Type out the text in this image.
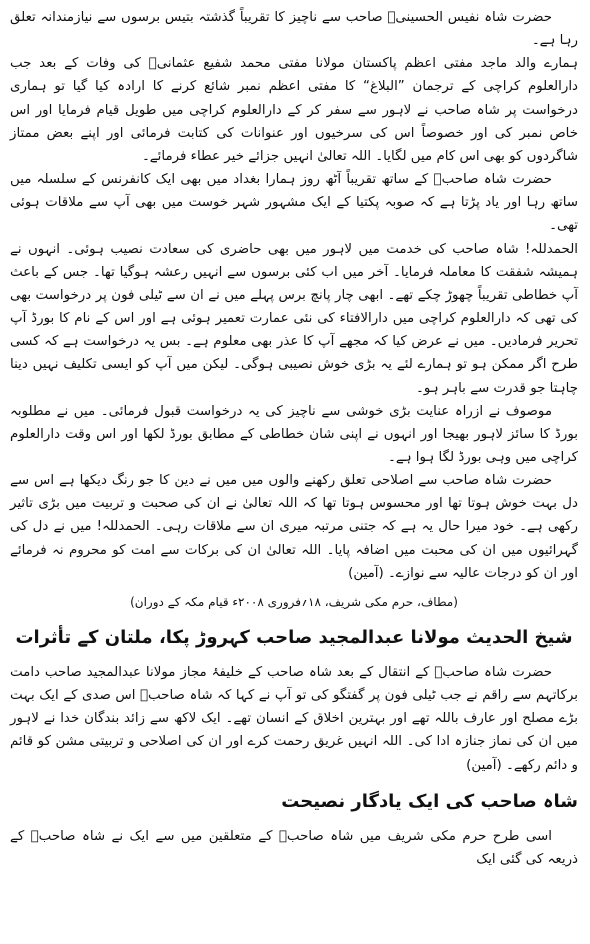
حضرت شاہ نفیس الحسینیؒ صاحب سے ناچیز کا تقریباً گذشتہ بتیس برسوں سے نیازمندانہ تعلق رہا ہے۔

ہمارے والد ماجد مفتی اعظم پاکستان مولانا مفتی محمد شفیع عثمانیؒ کی وفات کے بعد جب دارالعلوم کراچی کے ترجمان ”البلاغ“ کا مفتی اعظم نمبر شائع کرنے کا ارادہ کیا گیا تو ہماری درخواست پر شاہ صاحب نے لاہور سے سفر کر کے دارالعلوم کراچی میں طویل قیام فرمایا اور اس خاص نمبر کی اور خصوصاً اس کی سرخیوں اور عنوانات کی کتابت فرمائی اور اپنے بعض ممتاز شاگردوں کو بھی اس کام میں لگایا۔ اللہ تعالیٰ انہیں جزائے خیر عطاء فرمائے۔

حضرت شاہ صاحبؒ کے ساتھ تقریباً آٹھ روز ہمارا بغداد میں بھی ایک کانفرنس کے سلسلہ میں ساتھ رہا اور یاد پڑتا ہے کہ صوبہ پکتیا کے ایک مشہور شہر خوست میں بھی آپ سے ملاقات ہوئی تھی۔

الحمدللہ! شاہ صاحب کی خدمت میں لاہور میں بھی حاضری کی سعادت نصیب ہوئی۔ انہوں نے ہمیشہ شفقت کا معاملہ فرمایا۔ آخر میں اب کئی برسوں سے انہیں رعشہ ہوگیا تھا۔ جس کے باعث آپ خطاطی تقریباً چھوڑ چکے تھے۔ ابھی چار پانچ برس پہلے میں نے ان سے ٹیلی فون پر درخواست بھی کی تھی کہ دارالعلوم کراچی میں دارالافتاء کی نئی عمارت تعمیر ہوئی ہے اور اس کے نام کا بورڈ آپ تحریر فرمادیں۔ میں نے عرض کیا کہ مجھے آپ کا عذر بھی معلوم ہے۔ بس یہ درخواست ہے کہ کسی طرح اگر ممکن ہو تو ہمارے لئے یہ بڑی خوش نصیبی ہوگی۔ لیکن میں آپ کو ایسی تکلیف نہیں دینا چاہتا جو قدرت سے باہر ہو۔

موصوف نے ازراہ عنایت بڑی خوشی سے ناچیز کی یہ درخواست قبول فرمائی۔ میں نے مطلوبہ بورڈ کا سائز لاہور بھیجا اور انہوں نے اپنی شان خطاطی کے مطابق بورڈ لکھا اور اس وقت دارالعلوم کراچی میں وہی بورڈ لگا ہوا ہے۔

حضرت شاہ صاحب سے اصلاحی تعلق رکھنے والوں میں میں نے دین کا جو رنگ دیکھا ہے اس سے دل بہت خوش ہوتا تھا اور محسوس ہوتا تھا کہ اللہ تعالیٰ نے ان کی صحبت و تربیت میں بڑی تاثیر رکھی ہے۔ خود میرا حال یہ ہے کہ جتنی مرتبہ میری ان سے ملاقات رہی۔ الحمدللہ! میں نے دل کی گہرائیوں میں ان کی محبت میں اضافہ پایا۔ اللہ تعالیٰ ان کی برکات سے امت کو محروم نہ فرمائے اور ان کو درجات عالیہ سے نوازے۔ (آمین)

(مطاف، حرم مکی شریف، ۱۸؍فروری ۲۰۰۸ء قیام مکہ کے دوران)
شیخ الحدیث مولانا عبدالمجید صاحب کہروڑ پکا، ملتان کے تأثرات

حضرت شاہ صاحبؒ کے انتقال کے بعد شاہ صاحب کے خلیفۂ مجاز مولانا عبدالمجید صاحب دامت برکاتہم سے راقم نے جب ٹیلی فون پر گفتگو کی تو آپ نے کہا کہ شاہ صاحبؒ اس صدی کے ایک بہت بڑے مصلح اور عارف باللہ تھے اور بہترین اخلاق کے انسان تھے۔ ایک لاکھ سے زائد بندگان خدا نے لاہور میں ان کی نماز جنازہ ادا کی۔ اللہ انہیں غریق رحمت کرے اور ان کی اصلاحی و تربیتی مشن کو قائم و دائم رکھے۔ (آمین)

شاہ صاحب کی ایک یادگار نصیحت

اسی طرح حرم مکی شریف میں شاہ صاحبؒ کے متعلقین میں سے ایک نے شاہ صاحبؒ کے ذریعہ کی گئی ایک
